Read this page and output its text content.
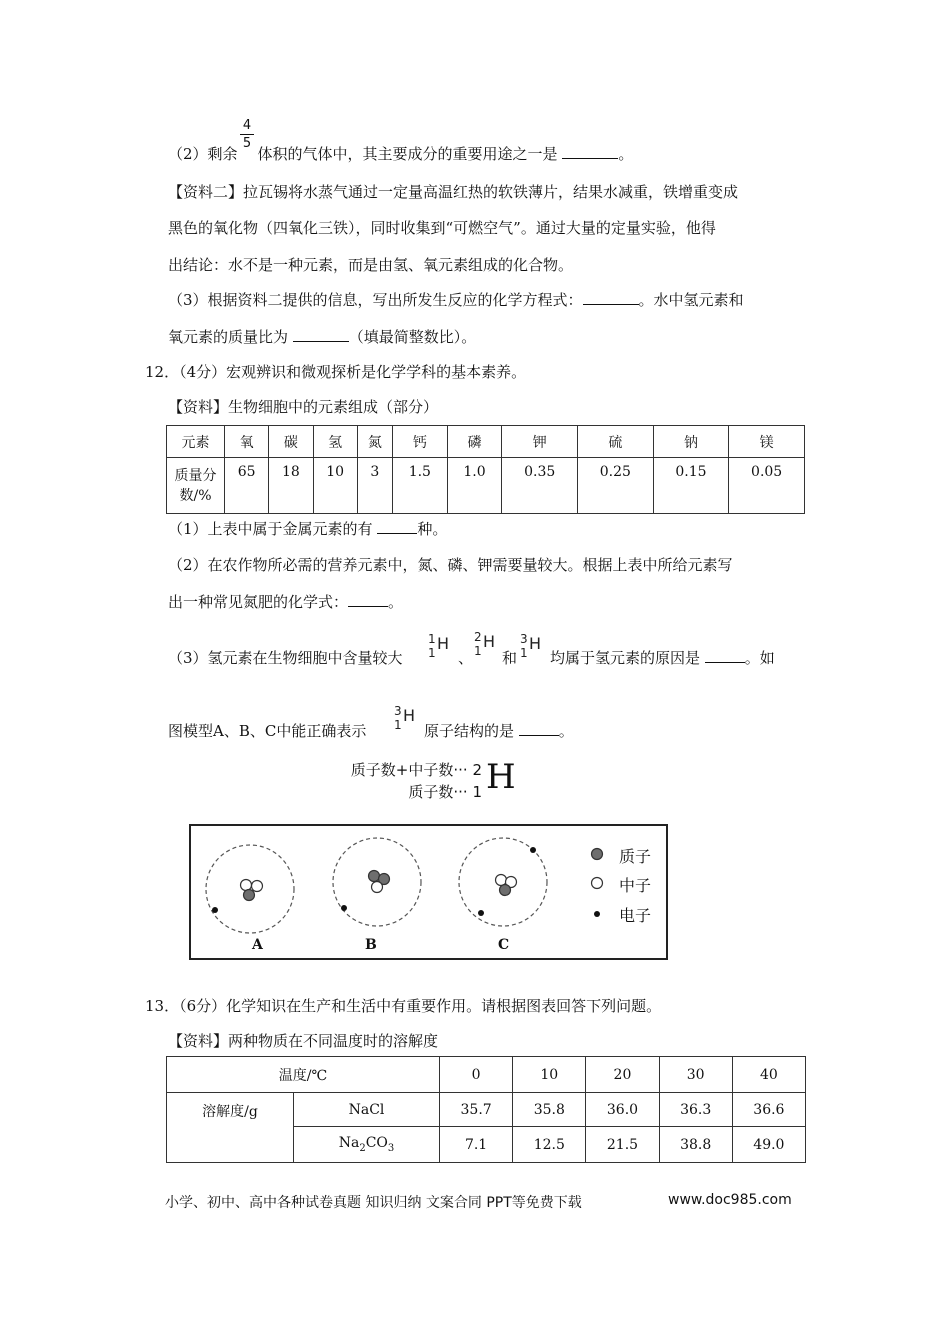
（2）剩余 体积的气体中，其主要成分的重要用途之一是	。
4
5
【资料二】拉瓦锡将水蒸气通过一定量高温红热的软铁薄片，结果水减重，铁增重变成
黑色的氧化物（四氧化三铁），同时收集到“可燃空气”。通过大量的定量实验，他得
出结论：水不是一种元素，而是由氢、氧元素组成的化合物。
（3）根据资料二提供的信息，写出所发生反应的化学方程式：	。水中氢元素和
氧元素的质量比为	（填最简整数比）。
12．（4分）宏观辨识和微观探析是化学学科的基本素养。
【资料】生物细胞中的元素组成（部分）
元素	氧	碳	氢	氮	钙	磷	钾	硫	钠	镁

质量分
数/%	65	18	10	3	1.5	1.0	0.35	0.25	0.15	0.05
（1）上表中属于金属元素的有	种。
（2）在农作物所必需的营养元素中，氮、磷、钾需要量较大。根据上表中所给元素写
出一种常见氮肥的化学式：	。
（3）氢元素在生物细胞中含量较大
1
1 H
、
2
1 H
和
3
1 H
均属于氢元素的原因是	。如
图模型A、B、C中能正确表示
3
1 H
原子结构的是	。
质子数+中子数··· 2
质子数··· 1 H
A	B	C
质子
中子
电子
13．（6分）化学知识在生产和生活中有重要作用。请根据图表回答下列问题。
【资料】两种物质在不同温度时的溶解度
温度/℃		0	10	20	30	40
溶解度/g	NaCl	35.7	35.8	36.0	36.3	36.6
	$Na_2CO_3$	7.1	12.5	21.5	38.8	49.0
小学、初中、高中各种试卷真题 知识归纳 文案合同 PPT等免费下载	www.doc985.com
